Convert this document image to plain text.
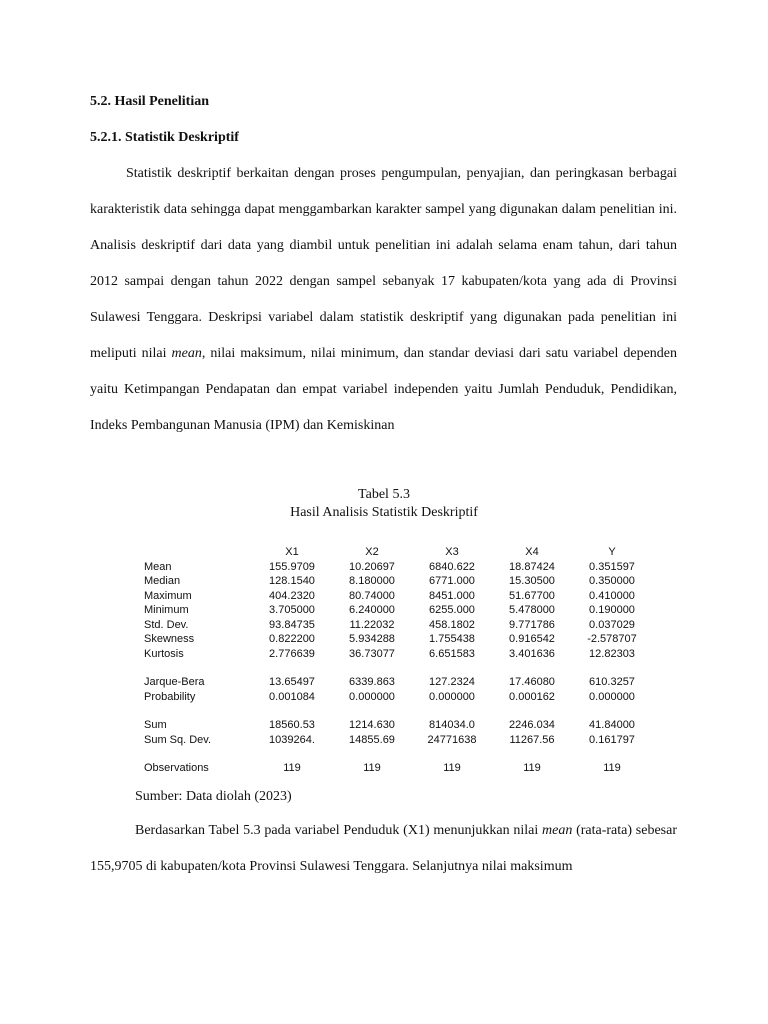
5.2. Hasil Penelitian
5.2.1. Statistik Deskriptif

Statistik deskriptif berkaitan dengan proses pengumpulan, penyajian, dan peringkasan berbagai karakteristik data sehingga dapat menggambarkan karakter sampel yang digunakan dalam penelitian ini. Analisis deskriptif dari data yang diambil untuk penelitian ini adalah selama enam tahun, dari tahun 2012 sampai dengan tahun 2022 dengan sampel sebanyak 17 kabupaten/kota yang ada di Provinsi Sulawesi Tenggara. Deskripsi variabel dalam statistik deskriptif yang digunakan pada penelitian ini meliputi nilai mean, nilai maksimum, nilai minimum, dan standar deviasi dari satu variabel dependen yaitu Ketimpangan Pendapatan dan empat variabel independen yaitu Jumlah Penduduk, Pendidikan, Indeks Pembangunan Manusia (IPM) dan Kemiskinan

Tabel 5.3
Hasil Analisis Statistik Deskriptif
	X1	X2	X3	X4	Y
Mean	155.9709	10.20697	6840.622	18.87424	0.351597
Median	128.1540	8.180000	6771.000	15.30500	0.350000
Maximum	404.2320	80.74000	8451.000	51.67700	0.410000
Minimum	3.705000	6.240000	6255.000	5.478000	0.190000
Std. Dev.	93.84735	11.22032	458.1802	9.771786	0.037029
Skewness	0.822200	5.934288	1.755438	0.916542	-2.578707
Kurtosis	2.776639	36.73077	6.651583	3.401636	12.82303

Jarque-Bera	13.65497	6339.863	127.2324	17.46080	610.3257
Probability	0.001084	0.000000	0.000000	0.000162	0.000000

Sum	18560.53	1214.630	814034.0	2246.034	41.84000
Sum Sq. Dev.	1039264.	14855.69	24771638	11267.56	0.161797

Observations	119	119	119	119	119
Sumber: Data diolah (2023)

Berdasarkan Tabel 5.3 pada variabel Penduduk (X1) menunjukkan nilai mean (rata-rata) sebesar 155,9705 di kabupaten/kota Provinsi Sulawesi Tenggara. Selanjutnya nilai maksimum
